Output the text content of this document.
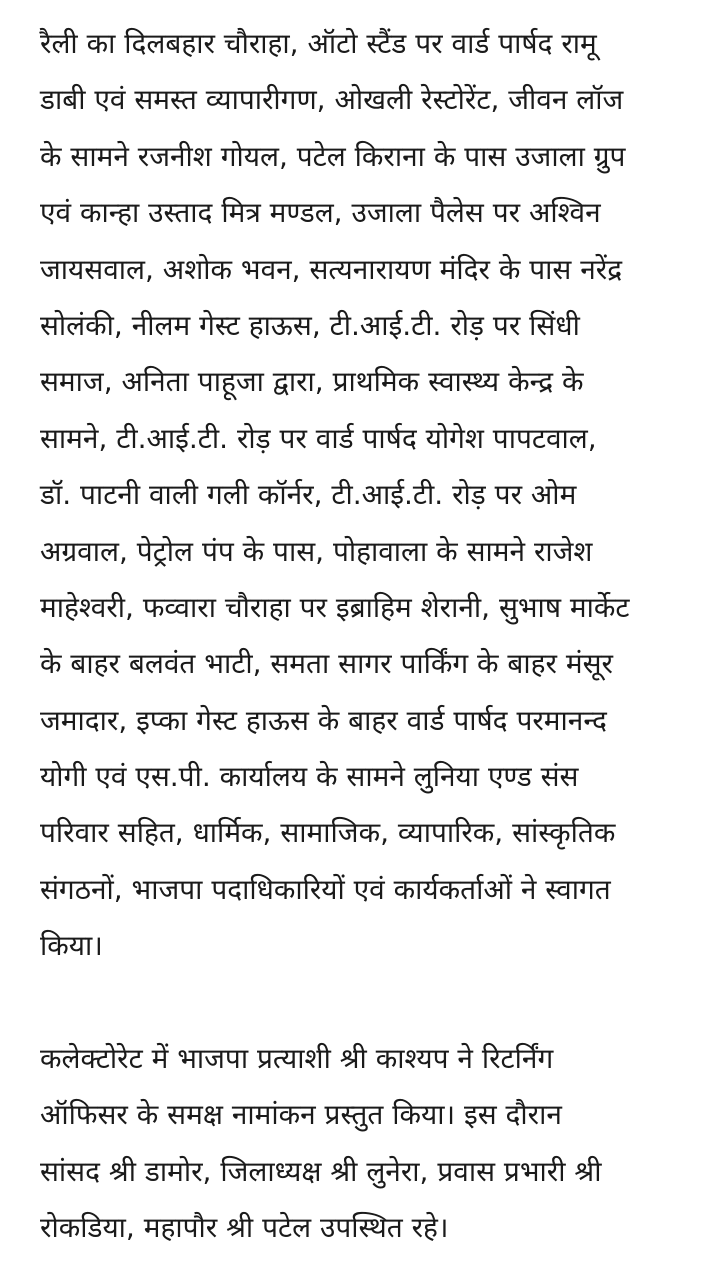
रैली का दिलबहार चौराहा, ऑटो स्टैंड पर वार्ड पार्षद रामू
डाबी एवं समस्त व्यापारीगण, ओखली रेस्टोरेंट, जीवन लॉज
के सामने रजनीश गोयल, पटेल किराना के पास उजाला ग्रुप
एवं कान्हा उस्ताद मित्र मण्डल, उजाला पैलेस पर अश्विन
जायसवाल, अशोक भवन, सत्यनारायण मंदिर के पास नरेंद्र
सोलंकी, नीलम गेस्ट हाऊस, टी.आई.टी. रोड़ पर सिंधी
समाज, अनिता पाहूजा द्वारा, प्राथमिक स्वास्थ्य केन्द्र के
सामने, टी.आई.टी. रोड़ पर वार्ड पार्षद योगेश पापटवाल,
डॉ. पाटनी वाली गली कॉर्नर, टी.आई.टी. रोड़ पर ओम
अग्रवाल, पेट्रोल पंप के पास, पोहावाला के सामने राजेश
माहेश्वरी, फव्वारा चौराहा पर इब्राहिम शेरानी, सुभाष मार्केट
के बाहर बलवंत भाटी, समता सागर पार्किंग के बाहर मंसूर
जमादार, इप्का गेस्ट हाऊस के बाहर वार्ड पार्षद परमानन्द
योगी एवं एस.पी. कार्यालय के सामने लुनिया एण्ड संस
परिवार सहित, धार्मिक, सामाजिक, व्यापारिक, सांस्कृतिक
संगठनों, भाजपा पदाधिकारियों एवं कार्यकर्ताओं ने स्वागत
किया।
कलेक्टोरेट में भाजपा प्रत्याशी श्री काश्यप ने रिटर्निंग
ऑफिसर के समक्ष नामांकन प्रस्तुत किया। इस दौरान
सांसद श्री डामोर, जिलाध्यक्ष श्री लुनेरा, प्रवास प्रभारी श्री
रोकडिया, महापौर श्री पटेल उपस्थित रहे।
